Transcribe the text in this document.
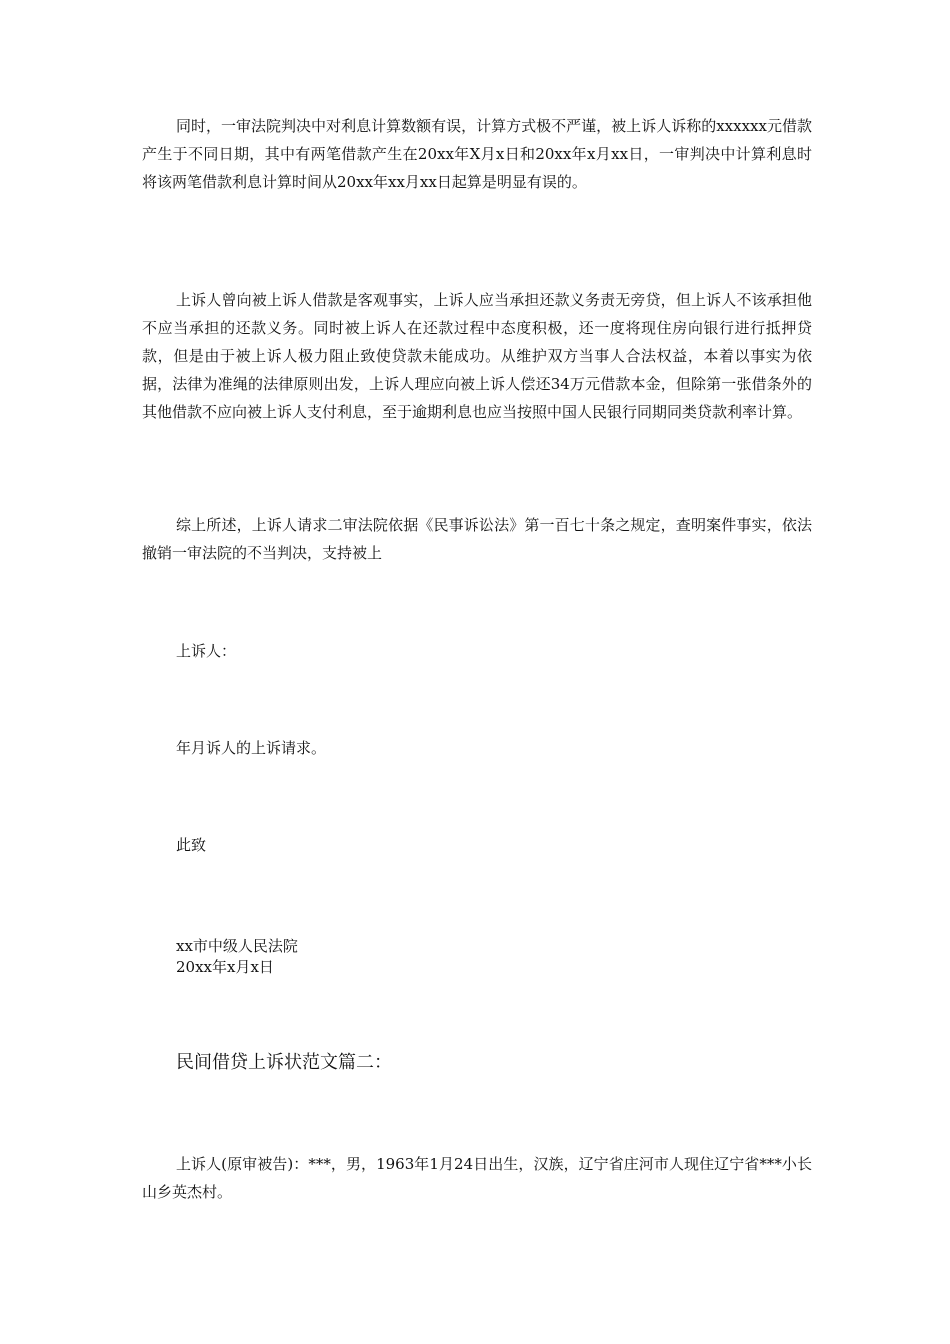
同时，一审法院判决中对利息计算数额有误，计算方式极不严谨，被上诉人诉称的xxxxxx元借款产生于不同日期，其中有两笔借款产生在20xx年X月x日和20xx年x月xx日，一审判决中计算利息时将该两笔借款利息计算时间从20xx年xx月xx日起算是明显有误的。

上诉人曾向被上诉人借款是客观事实，上诉人应当承担还款义务责无旁贷，但上诉人不该承担他不应当承担的还款义务。同时被上诉人在还款过程中态度积极，还一度将现住房向银行进行抵押贷款，但是由于被上诉人极力阻止致使贷款未能成功。从维护双方当事人合法权益，本着以事实为依据，法律为准绳的法律原则出发，上诉人理应向被上诉人偿还34万元借款本金，但除第一张借条外的其他借款不应向被上诉人支付利息，至于逾期利息也应当按照中国人民银行同期同类贷款利率计算。

综上所述，上诉人请求二审法院依据《民事诉讼法》第一百七十条之规定，查明案件事实，依法撤销一审法院的不当判决，支持被上

上诉人：

年月诉人的上诉请求。

此致

xx市中级人民法院

20xx年x月x日

民间借贷上诉状范文篇二：

上诉人(原审被告)：***，男，1963年1月24日出生，汉族，辽宁省庄河市人现住辽宁省***小长山乡英杰村。
